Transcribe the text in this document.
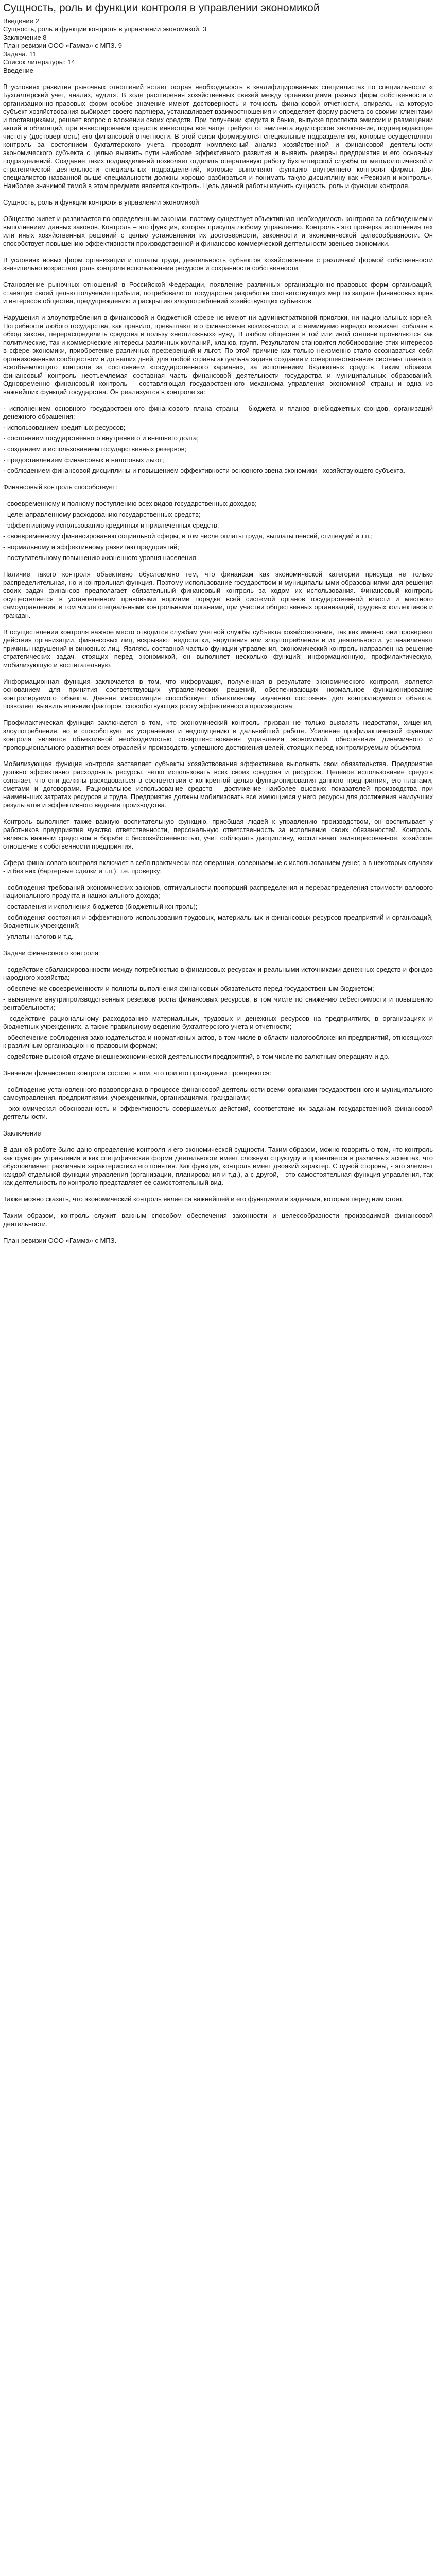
Сущность, роль и функции контроля в управлении экономикой
Введение 2
Сущность, роль и функции контроля в управлении экономикой. 3
Заключение 8
План ревизии ООО «Гамма» с МПЗ. 9
Задача. 11
Список литературы: 14
Введение

В условиях развития рыночных отношений встает острая необходимость в квалифицированных специалистах по специальности « Бухгалтерский учет, анализ, аудит». В ходе расширения хозяйственных связей между организациями разных форм собственности и организационно-правовых форм особое значение имеют достоверность и точность финансовой отчетности, опираясь на которую субъект хозяйствования выбирает своего партнера, устанавливает взаимоотношения и определяет форму расчета со своими клиентами и поставщиками, решает вопрос о вложении своих средств. При получении кредита в банке, выпуске проспекта эмиссии и размещении акций и облигаций, при инвестировании средств инвесторы все чаще требуют от эмитента аудиторское заключение, подтверждающее чистоту (достоверность) его финансовой отчетности. В этой связи формируются специальные подразделения, которые осуществляют контроль за состоянием бухгалтерского учета, проводят комплексный анализ хозяйственной и финансовой деятельности экономического субъекта с целью выявить пути наиболее эффективного развития и выявить резервы предприятия и его основных подразделений. Создание таких подразделений позволяет отделить оперативную работу бухгалтерской службы от методологической и стратегической деятельности специальных подразделений, которые выполняют функцию внутреннего контроля фирмы. Для специалистов названной выше специальности должны хорошо разбираться и понимать такую дисциплину как «Ревизия и контроль». Наиболее значимой темой в этом предмете является контроль. Цель данной работы изучить сущность, роль и функции контроля.

Сущность, роль и функции контроля в управлении экономикой

Общество живет и развивается по определенным законам, поэтому существует объективная необходимость контроля за соблюдением и выполнением данных законов. Контроль – это функция, которая присуща любому управлению. Контроль - это проверка исполнения тех или иных хозяйственных решений с целью установления их достоверности, законности и экономической целесообразности. Он способствует повышению эффективности производственной и финансово-коммерческой деятельности звеньев экономики.

В условиях новых форм организации и оплаты труда, деятельность субъектов хозяйствования с различной формой собственности значительно возрастает роль контроля использования ресурсов и сохранности собственности.

Становление рыночных отношений в Российской Федерации, появление различных организационно-правовых форм организаций, ставящих своей целью получение прибыли, потребовало от государства разработки соответствующих мер по защите финансовых прав и интересов общества, предупреждению и раскрытию злоупотреблений хозяйствующих субъектов.

Нарушения и злоупотребления в финансовой и бюджетной сфере не имеют ни административной привязки, ни национальных корней. Потребности любого государства, как правило, превышают его финансовые возможности, а с неминуемо нередко возникает соблазн в обход закона, перераспределить средства в пользу «неотложных» нужд. В любом обществе в той или иной степени проявляются как политические, так и коммерческие интересы различных компаний, кланов, групп. Результатом становится лоббирование этих интересов в сфере экономики, приобретение различных преференций и льгот. По этой причине как только неизменно стало осознаваться себя организованным сообществом и до наших дней, для любой страны актуальна задача создания и совершенствования системы главного, всеобъемлющего контроля за состоянием «государственного кармана», за исполнением бюджетных средств. Таким образом, финансовый контроль неотъемлемая составная часть финансовой деятельности государства и муниципальных образований. Одновременно финансовый контроль - составляющая государственного механизма управления экономикой страны и одна из важнейших функций государства. Он реализуется в контроле за:

· исполнением основного государственного финансового плана страны - бюджета и планов внебюджетных фондов, организаций денежного обращения;

· использованием кредитных ресурсов;

· состоянием государственного внутреннего и внешнего долга;

· созданием и использованием государственных резервов;

· предоставлением финансовых и налоговых льгот;

· соблюдением финансовой дисциплины и повышением эффективности основного звена экономики - хозяйствующего субъекта.

Финансовый контроль способствует:

- своевременному и полному поступлению всех видов государственных доходов;

- целенаправленному расходованию государственных средств;

- эффективному использованию кредитных и привлеченных средств;

- своевременному финансированию социальной сферы, в том числе оплаты труда, выплаты пенсий, стипендий и т.п.;

- нормальному и эффективному развитию предприятий;

- поступательному повышению жизненного уровня населения.

Наличие такого контроля объективно обусловлено тем, что финансам как экономической категории присуща не только распределительная, но и контрольная функция. Поэтому использование государством и муниципальными образованиями для решения своих задач финансов предполагает обязательный финансовый контроль за ходом их использования. Финансовый контроль осуществляется в установленном правовыми нормами порядке всей системой органов государственной власти и местного самоуправления, в том числе специальными контрольными органами, при участии общественных организаций, трудовых коллективов и граждан.

В осуществлении контроля важное место отводится службам учетной службы субъекта хозяйствования, так как именно они проверяют действия организации, финансовых лиц, вскрывают недостатки, нарушения или злоупотребления в их деятельности, устанавливают причины нарушений и виновных лиц. Являясь составной частью функции управления, экономический контроль направлен на решение стратегических задач, стоящих перед экономикой, он выполняет несколько функций: информационную, профилактическую, мобилизующую и воспитательную.

Информационная функция заключается в том, что информация, полученная в результате экономического контроля, является основанием для принятия соответствующих управленческих решений, обеспечивающих нормальное функционирование контролируемого объекта. Данная информация способствует объективному изучению состояния дел контролируемого объекта, позволяет выявить влияние факторов, способствующих росту эффективности производства.

Профилактическая функция заключается в том, что экономический контроль призван не только выявлять недостатки, хищения, злоупотребления, но и способствует их устранению и недопущению в дальнейшей работе. Усиление профилактической функции контроля является объективной необходимостью совершенствования управления экономикой, обеспечения динамичного и пропорционального развития всех отраслей и производств, успешного достижения целей, стоящих перед контролируемым объектом.

Мобилизующая функция контроля заставляет субъекты хозяйствования эффективнее выполнять свои обязательства. Предприятие должно эффективно расходовать ресурсы, четко использовать всех своих средства и ресурсов. Целевое использование средств означает, что они должны расходоваться в соответствии с конкретной целью функционирования данного предприятия, его планами, сметами и договорами. Рациональное использование средств - достижение наиболее высоких показателей производства при наименьших затратах ресурсов и труда. Предприятия должны мобилизовать все имеющиеся у него ресурсы для достижения наилучших результатов и эффективного ведения производства.

Контроль выполняет также важную воспитательную функцию, приобщая людей к управлению производством, он воспитывает у работников предприятия чувство ответственности, персональную ответственность за исполнение своих обязанностей. Контроль, являясь важным средством в борьбе с бесхозяйственностью, учит соблюдать дисциплину, воспитывает заинтересованное, хозяйское отношение к собственности предприятия.

Сфера финансового контроля включает в себя практически все операции, совершаемые с использованием денег, а в некоторых случаях - и без них (бартерные сделки и т.п.), т.е. проверку:

- соблюдения требований экономических законов, оптимальности пропорций распределения и перераспределения стоимости валового национального продукта и национального дохода;

- составления и исполнения бюджетов (бюджетный контроль);

- соблюдения состояния и эффективного использования трудовых, материальных и финансовых ресурсов предприятий и организаций, бюджетных учреждений;

- уплаты налогов и т.д.

Задачи финансового контроля:

- содействие сбалансированности между потребностью в финансовых ресурсах и реальными источниками денежных средств и фондов народного хозяйства;

- обеспечение своевременности и полноты выполнения финансовых обязательств перед государственным бюджетом;

- выявление внутрипроизводственных резервов роста финансовых ресурсов, в том числе по снижению себестоимости и повышению рентабельности;

- содействие рациональному расходованию материальных, трудовых и денежных ресурсов на предприятиях, в организациях и бюджетных учреждениях, а также правильному ведению бухгалтерского учета и отчетности;

- обеспечение соблюдения законодательства и нормативных актов, в том числе в области налогообложения предприятий, относящихся к различным организационно-правовым формам;

- содействие высокой отдаче внешнеэкономической деятельности предприятий, в том числе по валютным операциям и др.

Значение финансового контроля состоит в том, что при его проведении проверяются:

- соблюдение установленного правопорядка в процессе финансовой деятельности всеми органами государственного и муниципального самоуправления, предприятиями, учреждениями, организациями, гражданами;

- экономическая обоснованность и эффективность совершаемых действий, соответствие их задачам государственной финансовой деятельности.

Заключение

В данной работе было дано определение контроля и его экономической сущности. Таким образом, можно говорить о том, что контроль как функция управления и как специфическая форма деятельности имеет сложную структуру и проявляется в различных аспектах, что обусловливает различные характеристики его понятия. Как функция, контроль имеет двоякий характер. С одной стороны, - это элемент каждой отдельной функции управления (организации, планирования и т.д.), а с другой, - это самостоятельная функция управления, так как деятельность по контролю представляет ее самостоятельный вид.

Также можно сказать, что экономический контроль является важнейшей и его функциями и задачами, которые перед ним стоят.

Таким образом, контроль служит важным способом обеспечения законности и целесообразности производимой финансовой деятельности.

План ревизии ООО «Гамма» с МПЗ.
